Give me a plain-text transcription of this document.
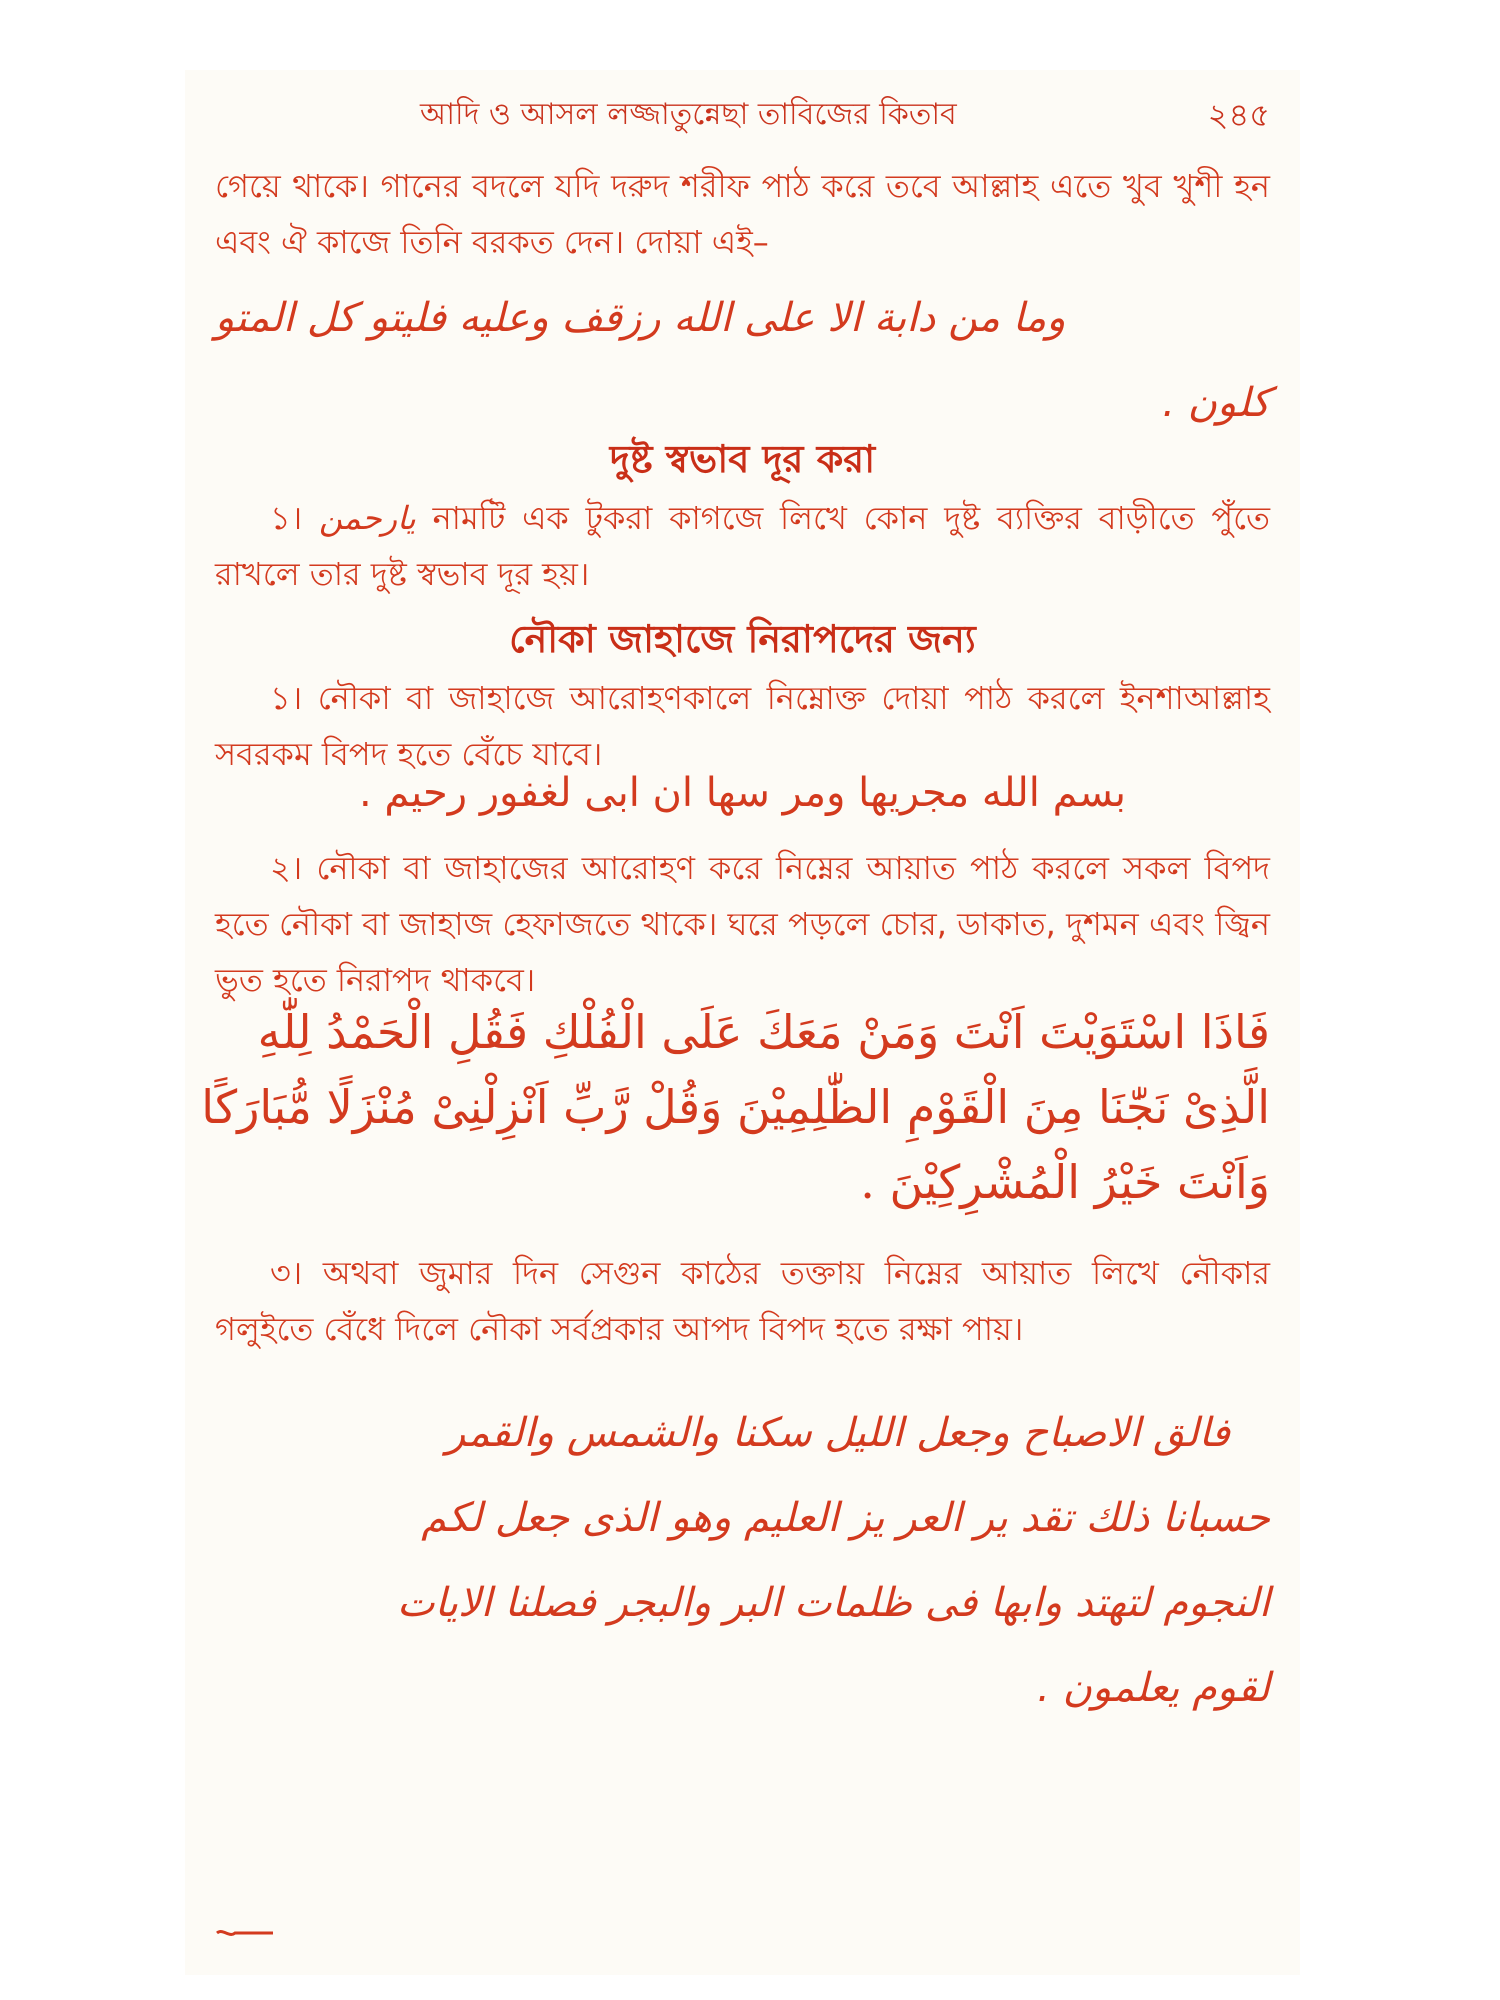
আদি ও আসল লজ্জাতুন্নেছা তাবিজের কিতাব	২৪৫
গেয়ে থাকে। গানের বদলে যদি দরুদ শরীফ পাঠ করে তবে আল্লাহ এতে খুব খুশী হন এবং ঐ কাজে তিনি বরকত দেন। দোয়া এই–
وما من دابة الا على الله رزقف وعليه فليتو كل المتو
كلون .
দুষ্ট স্বভাব দূর করা
১। يارحمن নামটি এক টুকরা কাগজে লিখে কোন দুষ্ট ব্যক্তির বাড়ীতে পুঁতে রাখলে তার দুষ্ট স্বভাব দূর হয়।
নৌকা জাহাজে নিরাপদের জন্য
১। নৌকা বা জাহাজে আরোহণকালে নিম্নোক্ত দোয়া পাঠ করলে ইনশাআল্লাহ সবরকম বিপদ হতে বেঁচে যাবে।
بسم الله مجريها ومر سها ان ابى لغفور رحيم .
২। নৌকা বা জাহাজের আরোহণ করে নিম্নের আয়াত পাঠ করলে সকল বিপদ হতে নৌকা বা জাহাজ হেফাজতে থাকে। ঘরে পড়লে চোর, ডাকাত, দুশমন এবং জ্বিন ভুত হতে নিরাপদ থাকবে।
فَاذَا اسْتَوَيْتَ اَنْتَ وَمَنْ مَعَكَ عَلَى الْفُلْكِ فَقُلِ الْحَمْدُ لِلّٰهِ
الَّذِىْ نَجّٰنَا مِنَ الْقَوْمِ الظّٰلِمِيْنَ وَقُلْ رَّبِّ اَنْزِلْنِىْ مُنْزَلًا مُّبَارَكًا
وَاَنْتَ خَيْرُ الْمُشْرِكِيْنَ .
৩। অথবা জুমার দিন সেগুন কাঠের তক্তায় নিম্নের আয়াত লিখে নৌকার গলুইতে বেঁধে দিলে নৌকা সর্বপ্রকার আপদ বিপদ হতে রক্ষা পায়।
فالق الاصباح وجعل الليل سكنا والشمس والقمر
حسبانا ذلك تقد ير العر يز العليم وهو الذى جعل لكم
النجوم لتهتد وابها فى ظلمات البر والبجر فصلنا الايات
لقوم يعلمون .
